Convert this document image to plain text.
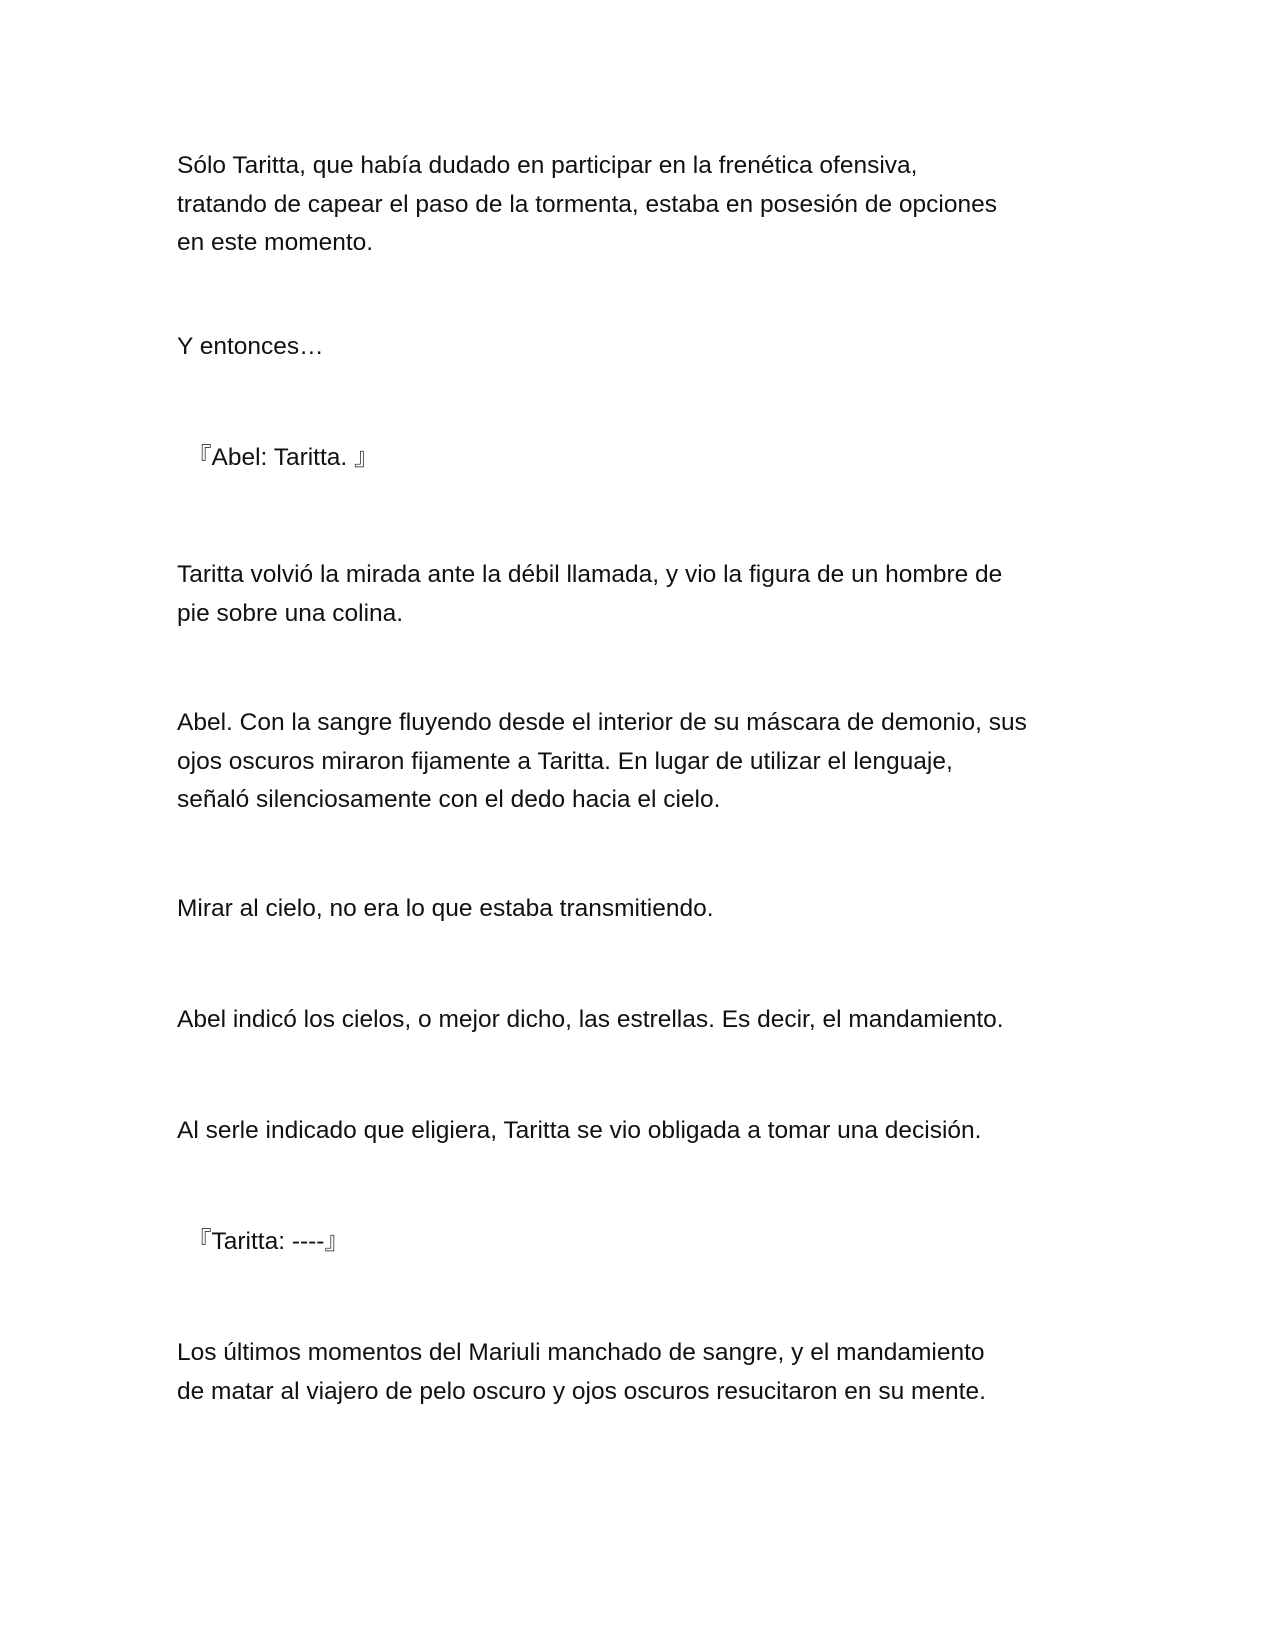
Sólo Taritta, que había dudado en participar en la frenética ofensiva,
tratando de capear el paso de la tormenta, estaba en posesión de opciones
en este momento.

Y entonces…

『Abel: Taritta. 』

Taritta volvió la mirada ante la débil llamada, y vio la figura de un hombre de
pie sobre una colina.

Abel. Con la sangre fluyendo desde el interior de su máscara de demonio, sus
ojos oscuros miraron fijamente a Taritta. En lugar de utilizar el lenguaje,
señaló silenciosamente con el dedo hacia el cielo.

Mirar al cielo, no era lo que estaba transmitiendo.

Abel indicó los cielos, o mejor dicho, las estrellas. Es decir, el mandamiento.

Al serle indicado que eligiera, Taritta se vio obligada a tomar una decisión.

『Taritta: ----』

Los últimos momentos del Mariuli manchado de sangre, y el mandamiento
de matar al viajero de pelo oscuro y ojos oscuros resucitaron en su mente.
